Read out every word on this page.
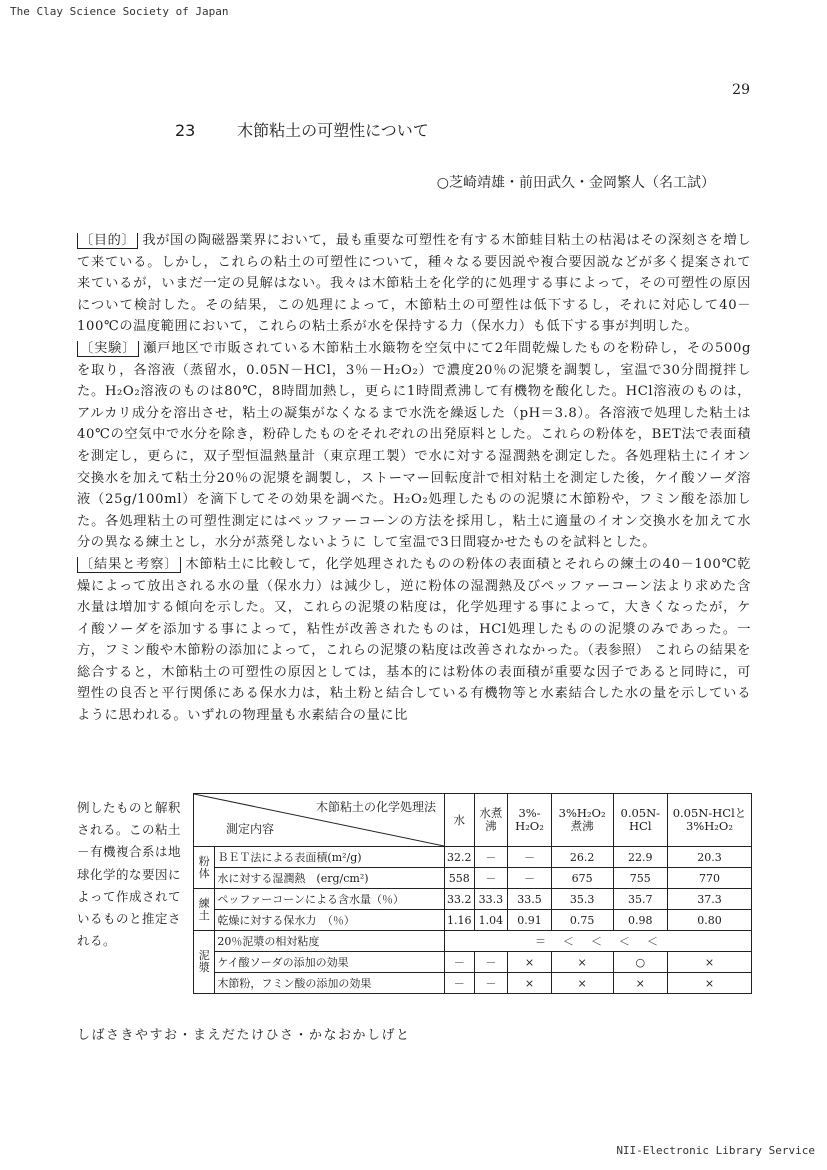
The Clay Science Society of Japan
29
23	木節粘土の可塑性について
○芝崎靖雄・前田武久・金岡繁人（名工試）

〔目的〕 我が国の陶磁器業界において，最も重要な可塑性を有する木節蛙目粘土の枯渇はその深刻さを増して来ている。しかし，これらの粘土の可塑性について，種々なる要因説や複合要因説などが多く提案されて来ているが，いまだ一定の見解はない。我々は木節粘土を化学的に処理する事によって，その可塑性の原因について検討した。その結果，この処理によって，木節粘土の可塑性は低下するし，それに対応して40－100℃の温度範囲において，これらの粘土系が水を保持する力（保水力）も低下する事が判明した。

〔実験〕 瀬戸地区で市販されている木節粘土水簸物を空気中にて2年間乾燥したものを粉砕し，その500gを取り，各溶液（蒸留水，0.05N－HCl，3％－H₂O₂）で濃度20％の泥漿を調製し，室温で30分間撹拌した。H₂O₂溶液のものは80℃，8時間加熱し，更らに1時間煮沸して有機物を酸化した。HCl溶液のものは，アルカリ成分を溶出させ，粘土の凝集がなくなるまで水洗を繰返した（pH＝3.8）。各溶液で処理した粘土は40℃の空気中で水分を除き，粉砕したものをそれぞれの出発原料とした。これらの粉体を，BET法で表面積を測定し，更らに，双子型恒温熱量計（東京理工製）で水に対する湿潤熱を測定した。各処理粘土にイオン交換水を加えて粘土分20％の泥漿を調製し，ストーマー回転度計で相対粘土を測定した後，ケイ酸ソーダ溶液（25g/100ml）を滴下してその効果を調べた。H₂O₂処理したものの泥漿に木節粉や，フミン酸を添加した。各処理粘土の可塑性測定にはペッファーコーンの方法を採用し，粘土に適量のイオン交換水を加えて水分の異なる練土とし，水分が蒸発しないように して室温で3日間寝かせたものを試料とした。

〔結果と考察〕 木節粘土に比較して，化学処理されたものの粉体の表面積とそれらの練土の40－100℃乾燥によって放出される水の量（保水力）は減少し，逆に粉体の湿潤熱及びペッファーコーン法より求めた含水量は増加する傾向を示した。又，これらの泥漿の粘度は，化学処理する事によって，大きくなったが，ケイ酸ソーダを添加する事によって，粘性が改善されたものは，HCl処理したものの泥漿のみであった。一方，フミン酸や木節粉の添加によって，これらの泥漿の粘度は改善されなかった。（表参照） これらの結果を総合すると，木節粘土の可塑性の原因としては，基本的には粉体の表面積が重要な因子であると同時に，可塑性の良否と平行関係にある保水力は，粘土粉と結合している有機物等と水素結合した水の量を示しているように思われる。いずれの物理量も水素結合の量に比

例したものと解釈される。この粘土－有機複合系は地球化学的な要因によって作成されているものと推定される。
木節粘土の化学処理法
測定内容		水	水煮沸	3%-H₂O₂	3%H₂O₂煮沸	0.05N-HCl	0.05N-HClと3%H₂O₂
粉体	ＢＥＴ法による表面積(m²/g)	32.2	－	－	26.2	22.9	20.3
	水に対する湿潤熱　(erg/cm²)	558	－	－	675	755	770
練土	ペッファーコーンによる含水量（％）	33.2	33.3	33.5	35.3	35.7	37.3
	乾燥に対する保水力　（％）	1.16	1.04	0.91	0.75	0.98	0.80
泥漿	20％泥漿の相対粘度	＝　＜　＜　＜　＜					
	ケイ酸ソーダの添加の効果	－	－	×	×	○	×
	木節粉，フミン酸の添加の効果	－	－	×	×	×	×
しばさきやすお・まえだたけひさ・かなおかしげと
NII-Electronic Library Service
